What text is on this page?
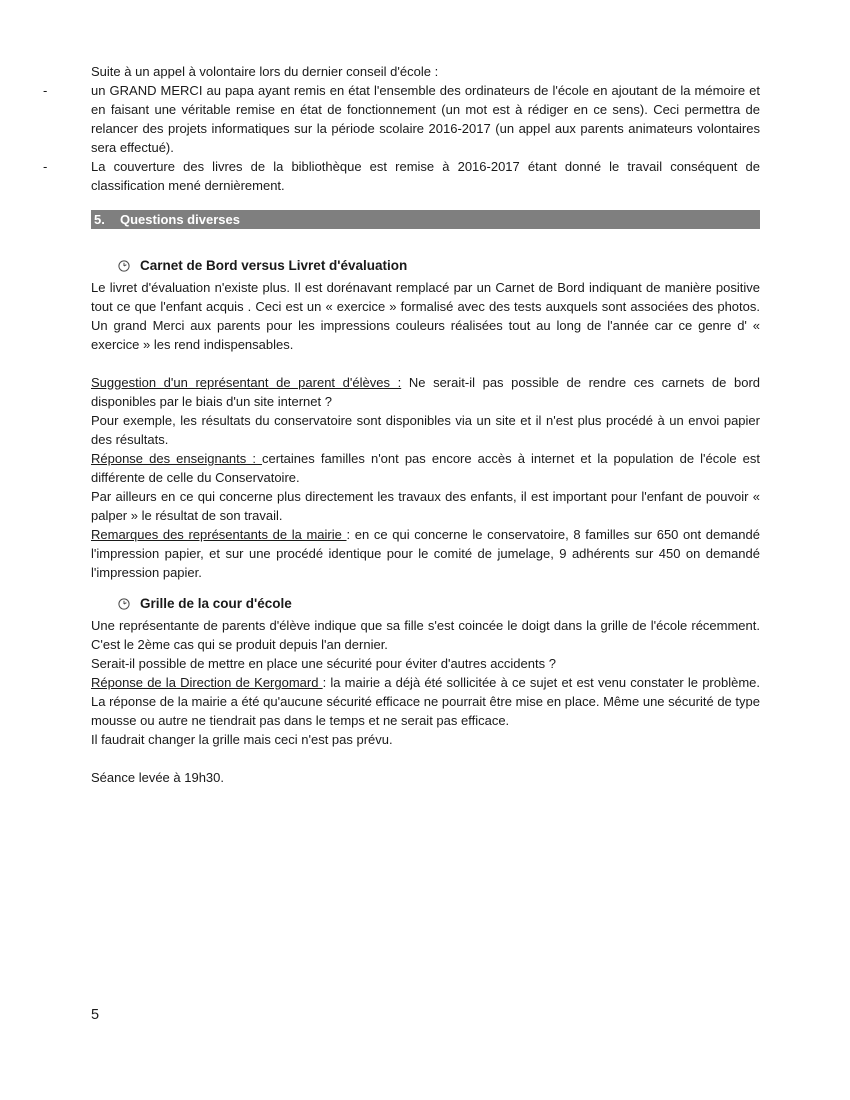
Suite à un appel à volontaire lors du dernier conseil d'école :

-	un GRAND MERCI au papa ayant remis en état l'ensemble des ordinateurs de l'école en ajoutant de la mémoire et en faisant une véritable remise en état de fonctionnement (un mot est à rédiger en ce sens). Ceci permettra de relancer des projets informatiques sur la période scolaire 2016-2017 (un appel aux parents animateurs volontaires sera effectué).

-	La couverture des livres de la bibliothèque est remise à 2016-2017 étant donné le travail conséquent de classification mené dernièrement.

5.	Questions diverses
Carnet de Bord versus Livret d'évaluation

Le livret d'évaluation n'existe plus. Il est dorénavant remplacé par un Carnet de Bord indiquant de manière positive tout ce que l'enfant acquis . Ceci est un « exercice » formalisé avec des tests auxquels sont associées des photos. Un grand Merci aux parents pour les impressions couleurs réalisées tout au long de l'année car ce genre d' « exercice » les rend indispensables.

Suggestion d'un représentant de parent d'élèves : Ne serait-il pas possible de rendre ces carnets de bord disponibles par le biais d'un site internet ?

Pour exemple, les résultats du conservatoire sont disponibles via un site et il n'est plus procédé à un envoi papier des résultats.

Réponse des enseignants : certaines familles n'ont pas encore accès à internet et la population de l'école est différente de celle du Conservatoire.

Par ailleurs en ce qui concerne plus directement les travaux des enfants, il est important pour l'enfant de pouvoir « palper » le résultat de son travail.

Remarques des représentants de la mairie : en ce qui concerne le conservatoire, 8 familles sur 650 ont demandé l'impression papier, et sur une procédé identique pour le comité de jumelage, 9 adhérents sur 450 on demandé l'impression papier.

Grille de la cour d'école

Une représentante de parents d'élève indique que sa fille s'est coincée le doigt dans la grille de l'école récemment. C'est le 2ème cas qui se produit depuis l'an dernier.

Serait-il possible de mettre en place une sécurité pour éviter d'autres accidents ?

Réponse de la Direction de Kergomard : la mairie a déjà été sollicitée à ce sujet et est venu constater le problème. La réponse de la mairie a été qu'aucune sécurité efficace ne pourrait être mise en place. Même une sécurité de type mousse ou autre ne tiendrait pas dans le temps et ne serait pas efficace.

Il faudrait changer la grille mais ceci n'est pas prévu.

Séance levée à 19h30.

5
